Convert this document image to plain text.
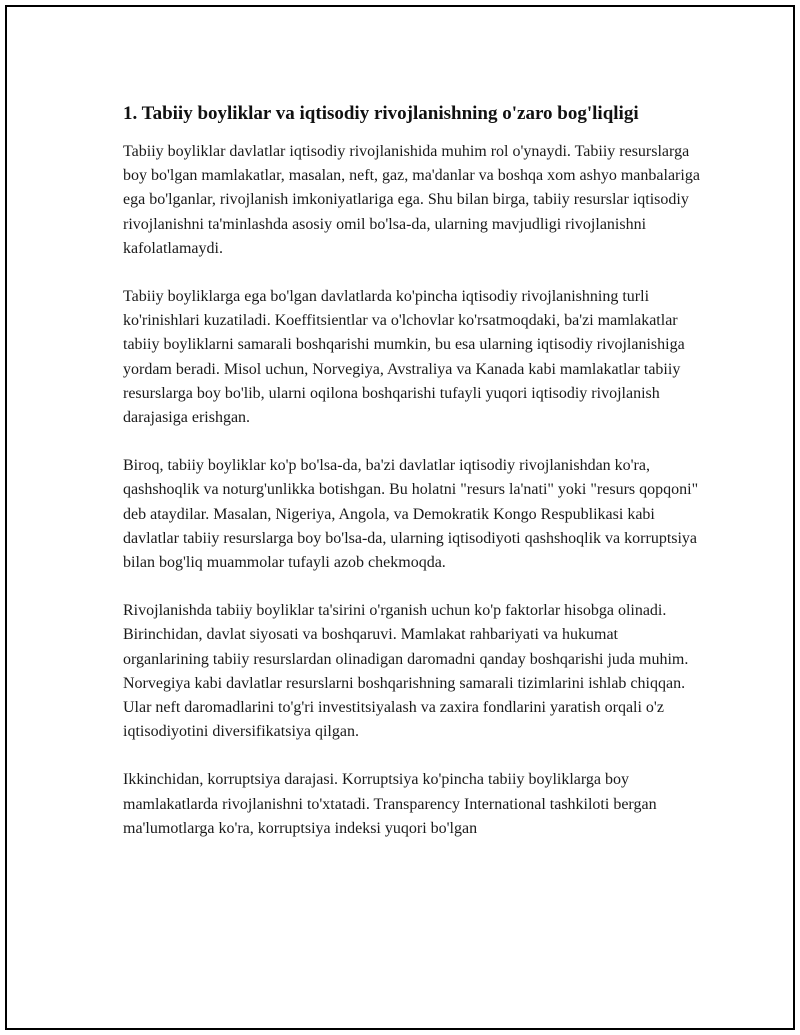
1. Tabiiy boyliklar va iqtisodiy rivojlanishning o'zaro bog'liqligi

Tabiiy boyliklar davlatlar iqtisodiy rivojlanishida muhim rol o'ynaydi. Tabiiy resurslarga boy bo'lgan mamlakatlar, masalan, neft, gaz, ma'danlar va boshqa xom ashyo manbalariga ega bo'lganlar, rivojlanish imkoniyatlariga ega. Shu bilan birga, tabiiy resurslar iqtisodiy rivojlanishni ta'minlashda asosiy omil bo'lsa-da, ularning mavjudligi rivojlanishni kafolatlamaydi.

Tabiiy boyliklarga ega bo'lgan davlatlarda ko'pincha iqtisodiy rivojlanishning turli ko'rinishlari kuzatiladi. Koeffitsientlar va o'lchovlar ko'rsatmoqdaki, ba'zi mamlakatlar tabiiy boyliklarni samarali boshqarishi mumkin, bu esa ularning iqtisodiy rivojlanishiga yordam beradi. Misol uchun, Norvegiya, Avstraliya va Kanada kabi mamlakatlar tabiiy resurslarga boy bo'lib, ularni oqilona boshqarishi tufayli yuqori iqtisodiy rivojlanish darajasiga erishgan.

Biroq, tabiiy boyliklar ko'p bo'lsa-da, ba'zi davlatlar iqtisodiy rivojlanishdan ko'ra, qashshoqlik va noturg'unlikka botishgan. Bu holatni "resurs la'nati" yoki "resurs qopqoni" deb ataydilar. Masalan, Nigeriya, Angola, va Demokratik Kongo Respublikasi kabi davlatlar tabiiy resurslarga boy bo'lsa-da, ularning iqtisodiyoti qashshoqlik va korruptsiya bilan bog'liq muammolar tufayli azob chekmoqda.

Rivojlanishda tabiiy boyliklar ta'sirini o'rganish uchun ko'p faktorlar hisobga olinadi. Birinchidan, davlat siyosati va boshqaruvi. Mamlakat rahbariyati va hukumat organlarining tabiiy resurslardan olinadigan daromadni qanday boshqarishi juda muhim. Norvegiya kabi davlatlar resurslarni boshqarishning samarali tizimlarini ishlab chiqqan. Ular neft daromadlarini to'g'ri investitsiyalash va zaxira fondlarini yaratish orqali o'z iqtisodiyotini diversifikatsiya qilgan.

Ikkinchidan, korruptsiya darajasi. Korruptsiya ko'pincha tabiiy boyliklarga boy mamlakatlarda rivojlanishni to'xtatadi. Transparency International tashkiloti bergan ma'lumotlarga ko'ra, korruptsiya indeksi yuqori bo'lgan
